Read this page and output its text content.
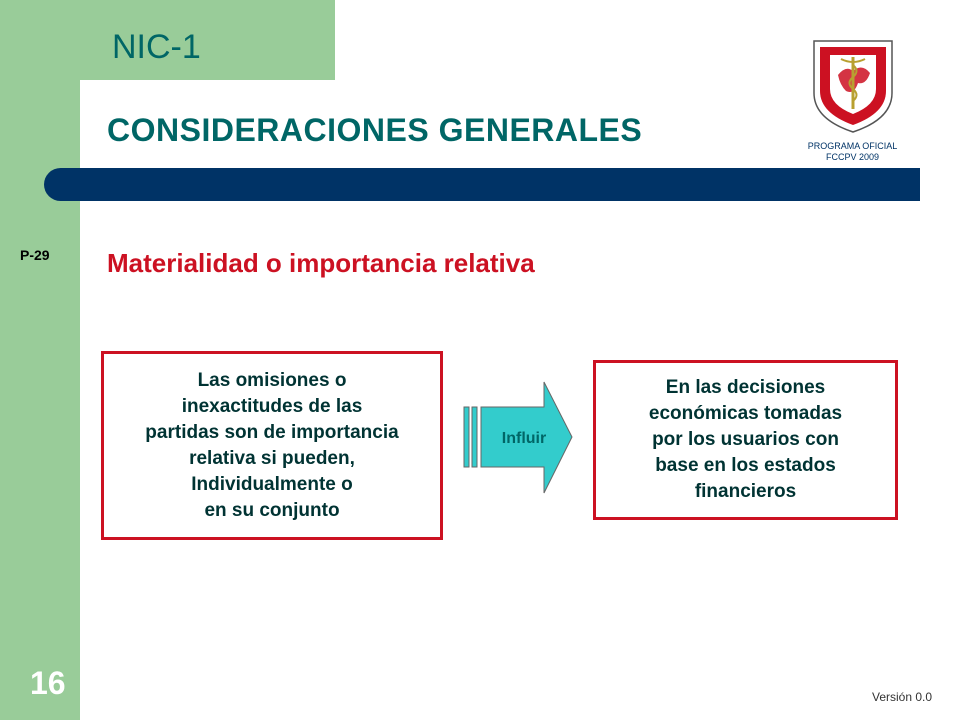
NIC-1
CONSIDERACIONES GENERALES	PROGRAMA OFICIAL
FCCPV 2009
P-29 Materialidad o importancia relativa
Las omisiones o
inexactitudes de las
partidas son de importancia
relativa si pueden,
Individualmente o
en su conjunto
Influir
En las decisiones
económicas tomadas
por los usuarios con
base en los estados
financieros
16	Versión 0.0
